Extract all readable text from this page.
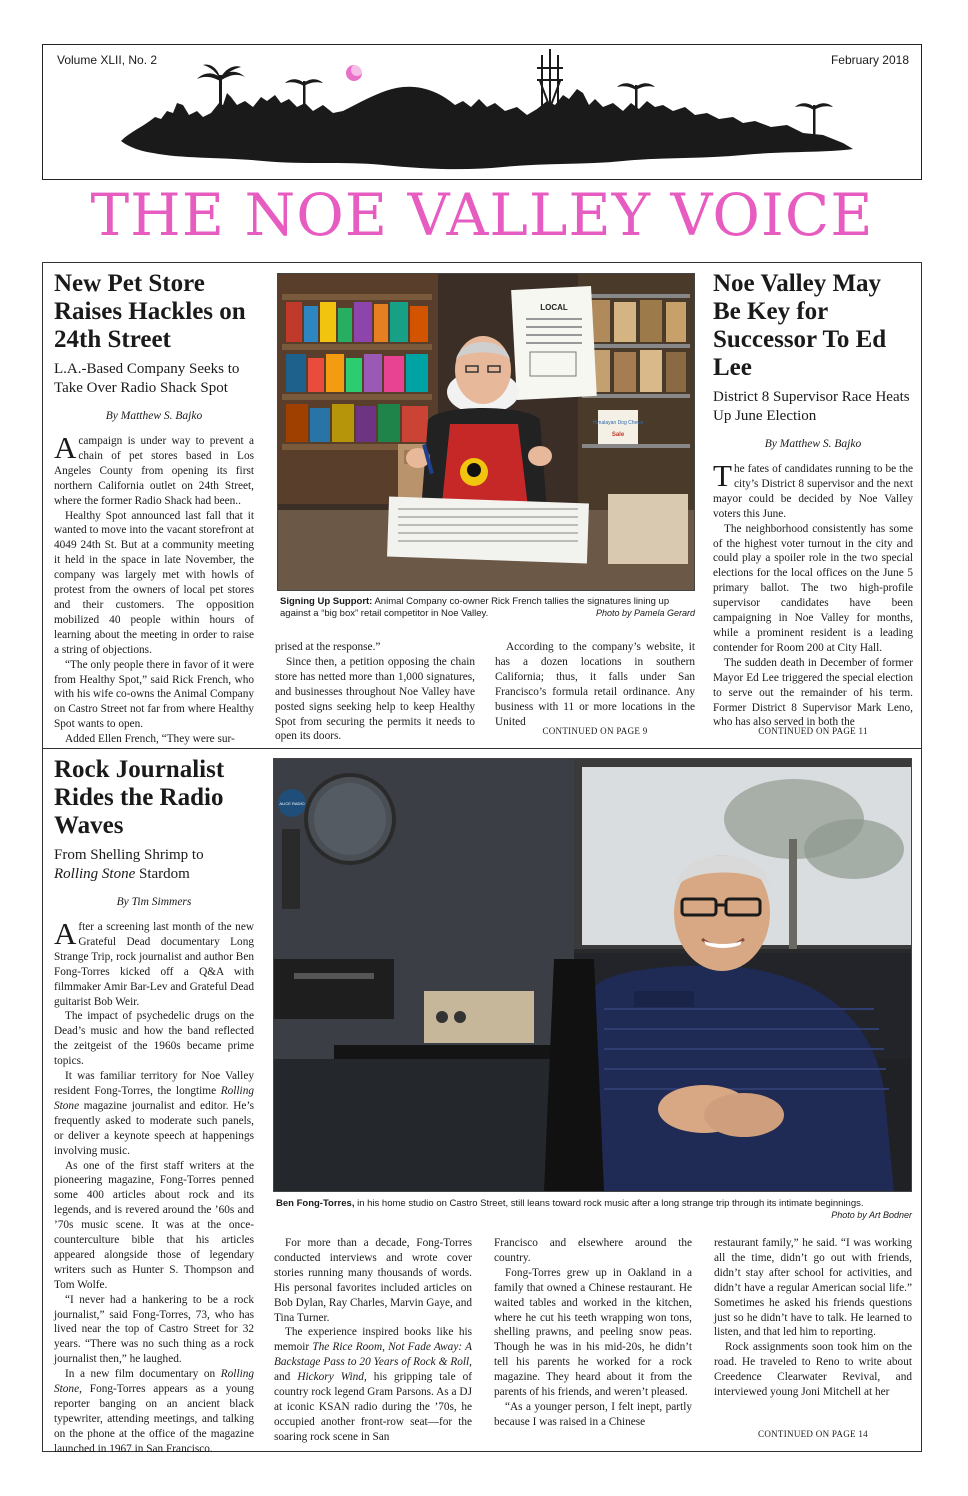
Volume XLII, No. 2	February 2018
THE NOE VALLEY VOICE
New Pet Store Raises Hackles on 24th Street

L.A.-Based Company Seeks to Take Over Radio Shack Spot

By Matthew S. Bajko

Acampaign is under way to prevent a chain of pet stores based in Los Angeles County from opening its first northern California outlet on 24th Street, where the former Radio Shack had been..

Healthy Spot announced last fall that it wanted to move into the vacant storefront at 4049 24th St. But at a community meeting it held in the space in late November, the company was largely met with howls of protest from the owners of local pet stores and their customers. The opposition mobilized 40 people within hours of learning about the meeting in order to raise a string of objections.

“The only people there in favor of it were from Healthy Spot,” said Rick French, who with his wife co-owns the Animal Company on Castro Street not far from where Healthy Spot wants to open.

Added Ellen French, “They were sur-

Himalayan Dog Chews
Sale
LOCAL
Signing Up Support: Animal Company co-owner Rick French tallies the signatures lining up against a “big box” retail competitor in Noe Valley.	Photo by Pamela Gerard

prised at the response.”

Since then, a petition opposing the chain store has netted more than 1,000 signatures, and businesses throughout Noe Valley have posted signs seeking help to keep Healthy Spot from securing the permits it needs to open its doors.

According to the company’s website, it has a dozen locations in southern California; thus, it falls under San Francisco’s formula retail ordinance. Any business with 11 or more locations in the United

CONTINUED ON PAGE 9
Noe Valley May Be Key for Successor To Ed Lee

District 8 Supervisor Race Heats Up June Election

By Matthew S. Bajko

The fates of candidates running to be the city’s District 8 supervisor and the next mayor could be decided by Noe Valley voters this June.

The neighborhood consistently has some of the highest voter turnout in the city and could play a spoiler role in the two special elections for the local offices on the June 5 primary ballot. The two high-profile supervisor candidates have been campaigning in Noe Valley for months, while a prominent resident is a leading contender for Room 200 at City Hall.

The sudden death in December of former Mayor Ed Lee triggered the special election to serve out the remainder of his term. Former District 8 Supervisor Mark Leno, who has also served in both the

CONTINUED ON PAGE 11
Rock Journalist Rides the Radio Waves

From Shelling Shrimp to
Rolling Stone Stardom

By Tim Simmers

After a screening last month of the new Grateful Dead documentary Long Strange Trip, rock journalist and author Ben Fong-Torres kicked off a Q&A with filmmaker Amir Bar-Lev and Grateful Dead guitarist Bob Weir.

The impact of psychedelic drugs on the Dead’s music and how the band reflected the zeitgeist of the 1960s became prime topics.

It was familiar territory for Noe Valley resident Fong-Torres, the longtime Rolling Stone magazine journalist and editor. He’s frequently asked to moderate such panels, or deliver a keynote speech at happenings involving music.

As one of the first staff writers at the pioneering magazine, Fong-Torres penned some 400 articles about rock and its legends, and is revered around the ’60s and ’70s music scene. It was at the once-counterculture bible that his articles appeared alongside those of legendary writers such as Hunter S. Thompson and Tom Wolfe.

“I never had a hankering to be a rock journalist,” said Fong-Torres, 73, who has lived near the top of Castro Street for 32 years. “There was no such thing as a rock journalist then,” he laughed.

In a new film documentary on Rolling Stone, Fong-Torres appears as a young reporter banging on an ancient black typewriter, attending meetings, and talking on the phone at the office of the magazine launched in 1967 in San Francisco.

ALICE RADIO
Ben Fong-Torres, in his home studio on Castro Street, still leans toward rock music after a long strange trip through its intimate beginnings.
Photo by Art Bodner

For more than a decade, Fong-Torres conducted interviews and wrote cover stories running many thousands of words. His personal favorites included articles on Bob Dylan, Ray Charles, Marvin Gaye, and Tina Turner.

The experience inspired books like his memoir The Rice Room, Not Fade Away: A Backstage Pass to 20 Years of Rock & Roll, and Hickory Wind, his gripping tale of country rock legend Gram Parsons. As a DJ at iconic KSAN radio during the ’70s, he occupied another front-row seat—for the soaring rock scene in San

Francisco and elsewhere around the country.

Fong-Torres grew up in Oakland in a family that owned a Chinese restaurant. He waited tables and worked in the kitchen, where he cut his teeth wrapping won tons, shelling prawns, and peeling snow peas. Though he was in his mid-20s, he didn’t tell his parents he worked for a rock magazine. They heard about it from the parents of his friends, and weren’t pleased.

“As a younger person, I felt inept, partly because I was raised in a Chinese

restaurant family,” he said. “I was working all the time, didn’t go out with friends, didn’t stay after school for activities, and didn’t have a regular American social life.” Sometimes he asked his friends questions just so he didn’t have to talk. He learned to listen, and that led him to reporting.

Rock assignments soon took him on the road. He traveled to Reno to write about Creedence Clearwater Revival, and interviewed young Joni Mitchell at her

CONTINUED ON PAGE 14
